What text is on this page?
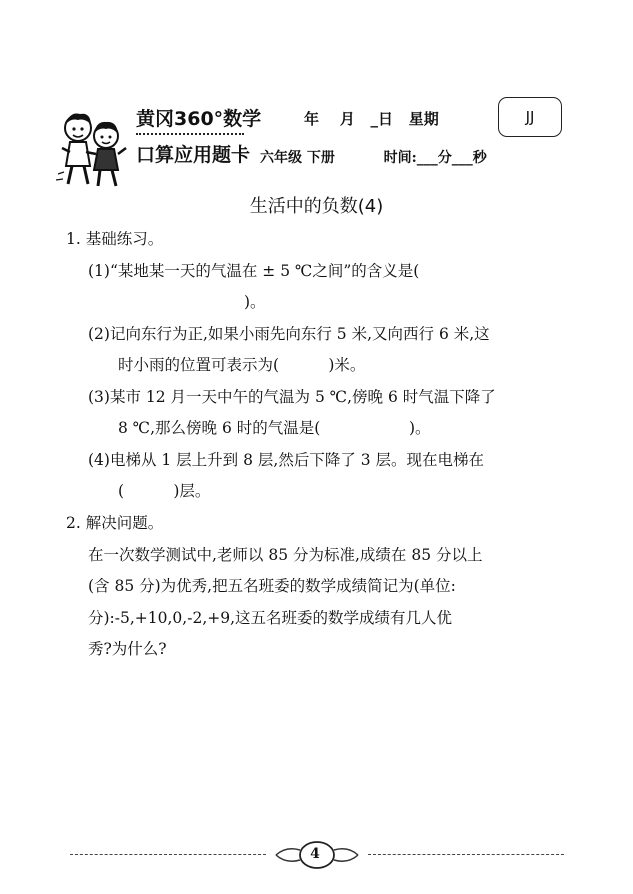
黄冈360°数学
口算应用题卡
年    月   _日   星期
六年级 下册          时间:___分___秒
JJ
生活中的负数(4)
1. 基础练习。
(1)“某地某一天的气温在 ± 5 ℃之间”的含义是(
)。
(2)记向东行为正,如果小雨先向东行 5 米,又向西行 6 米,这
时小雨的位置可表示为(          )米。
(3)某市 12 月一天中午的气温为 5 ℃,傍晚 6 时气温下降了
8 ℃,那么傍晚 6 时的气温是(                  )。
(4)电梯从 1 层上升到 8 层,然后下降了 3 层。现在电梯在
(          )层。
2. 解决问题。
在一次数学测试中,老师以 85 分为标准,成绩在 85 分以上
(含 85 分)为优秀,把五名班委的数学成绩简记为(单位:
分):-5,+10,0,-2,+9,这五名班委的数学成绩有几人优
秀?为什么?
4
